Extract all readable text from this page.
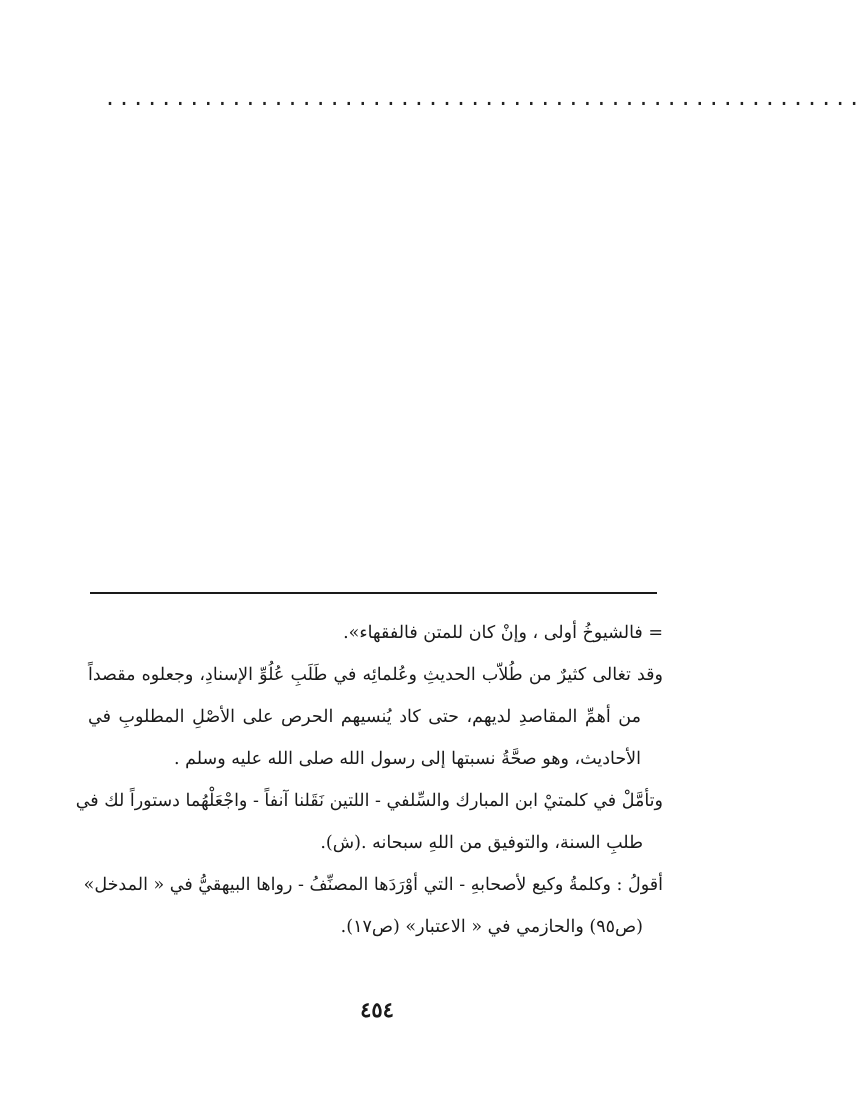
......................................................
= فالشيوخُ أولى ، وإنْ كان للمتن فالفقهاء».
وقد تغالى كثيرٌ من طُلاّب الحديثِ وعُلمائِه في طَلَبِ عُلُوِّ الإسنادِ، وجعلوه مقصداً
من أهمِّ المقاصدِ لديهم، حتى كاد يُنسيهم الحرص على الأصْلِ المطلوبِ في
الأحاديث، وهو صحَّةُ نسبتها إلى رسول الله صلى الله عليه وسلم .
وتأمَّلْ في كلمتيْ ابن المبارك والسِّلفي - اللتين نَقَلنا آنفاً - واجْعَلْهُما دستوراً لك في
طلبِ السنة، والتوفيق من اللهِ سبحانه .(ش).
أقولُ : وكلمةُ وكيع لأصحابهِ - التي أوْرَدَها المصنِّفُ - رواها البيهقيُّ في « المدخل»
(ص٩٥) والحازمي في « الاعتبار» (ص١٧).
٤٥٤
